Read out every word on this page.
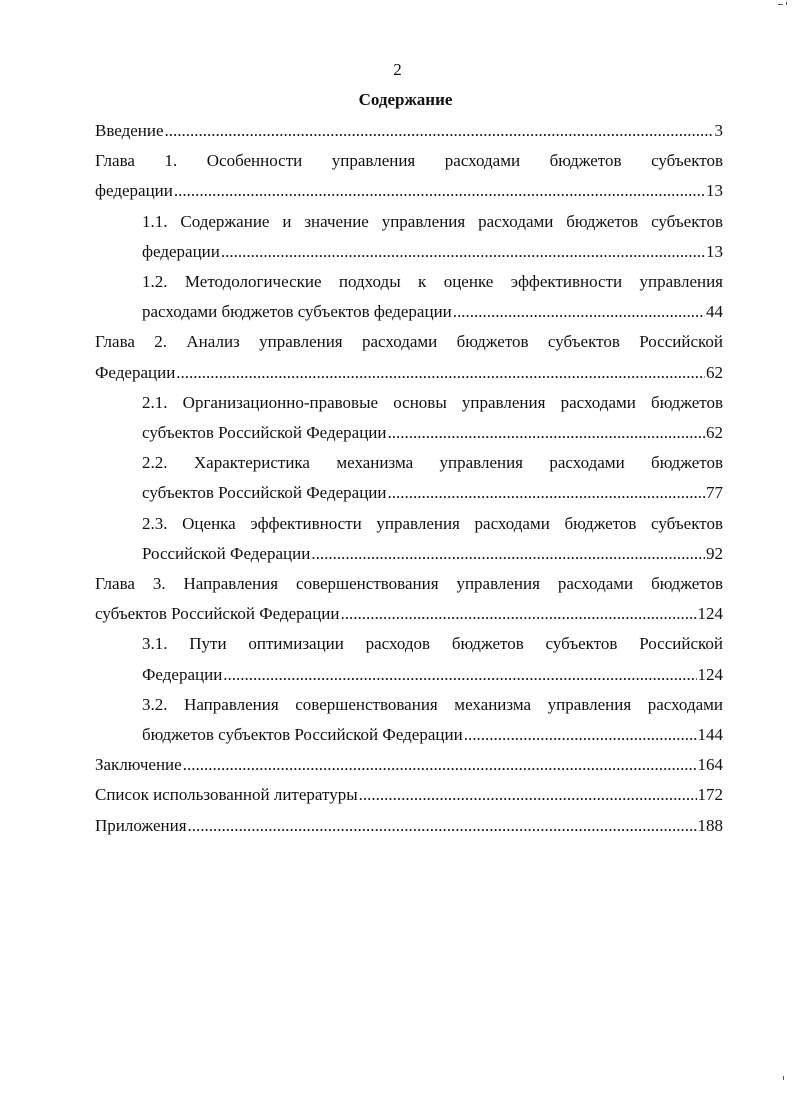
2
Содержание
Введение .....	3
Глава 1. Особенности управления расходами бюджетов субъектов
федерации .....	13
1.1. Содержание и значение управления расходами бюджетов субъектов
федерации .....	13
1.2. Методологические подходы к оценке эффективности управления
расходами бюджетов субъектов федерации .....	44
Глава 2. Анализ управления расходами бюджетов субъектов Российской
Федерации .....	62
2.1. Организационно-правовые основы управления расходами бюджетов
субъектов Российской Федерации .....	62
2.2. Характеристика механизма управления расходами бюджетов
субъектов Российской Федерации .....	77
2.3. Оценка эффективности управления расходами бюджетов субъектов
Российской Федерации .....	92
Глава 3. Направления совершенствования управления расходами бюджетов
субъектов Российской Федерации .....	124
3.1. Пути оптимизации расходов бюджетов субъектов Российской
Федерации .....	124
3.2. Направления совершенствования механизма управления расходами
бюджетов субъектов Российской Федерации .....	144
Заключение .....	164
Список использованной литературы .....	172
Приложения .....	188
